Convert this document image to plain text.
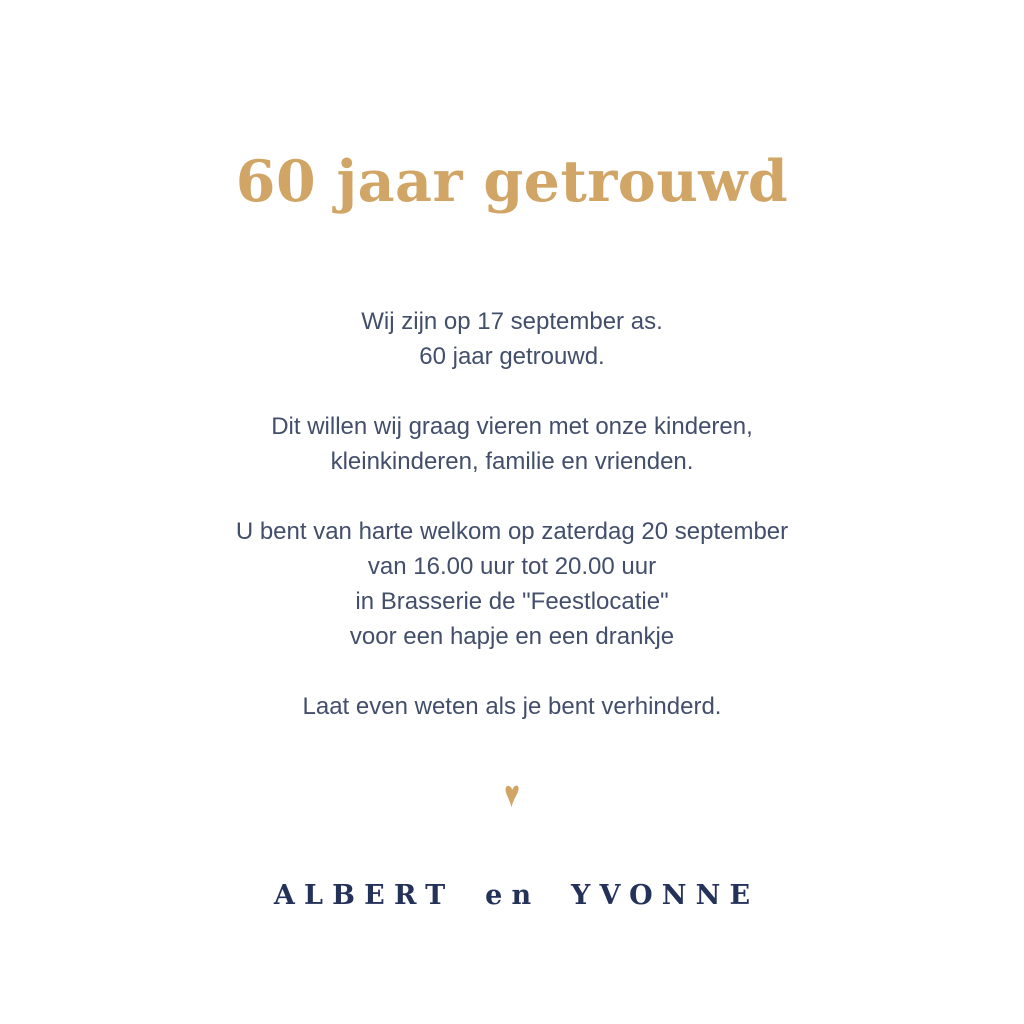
60 jaar getrouwd
Wij zijn op 17 september as.
60 jaar getrouwd.
Dit willen wij graag vieren met onze kinderen,
kleinkinderen, familie en vrienden.
U bent van harte welkom op zaterdag 20 september
van 16.00 uur tot 20.00 uur
in Brasserie de "Feestlocatie"
voor een hapje en een drankje
Laat even weten als je bent verhinderd.
ALBERT en YVONNE
